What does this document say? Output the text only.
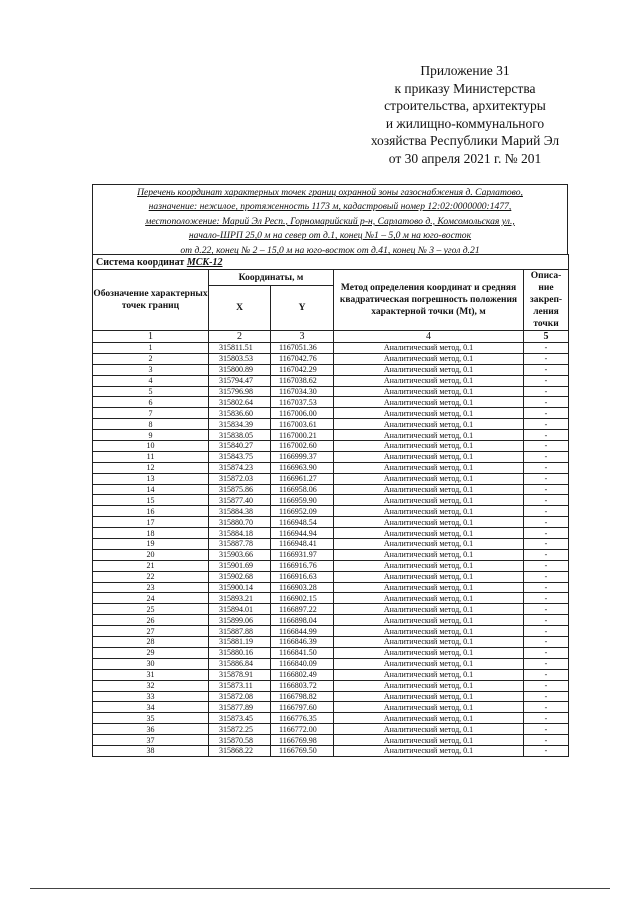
Приложение 31
к приказу Министерства
строительства, архитектуры
и жилищно-коммунального
хозяйства Республики Марий Эл
от 30 апреля 2021 г. № 201
Перечень координат характерных точек границ охранной зоны газоснабжения д. Сарлатово,
назначение: нежилое, протяженность 1173 м, кадастровый номер 12:02:0000000:1477,
местоположение: Марий Эл Респ., Горномарийский р-н, Сарлатово д., Комсомольская ул.,
начало-ШРП 25,0 м на север от д.1, конец №1 – 5,0 м на юго-восток
от д.22, конец № 2 – 15,0 м на юго-восток от д.41, конец № 3 – угол д.21
Система координат МСК-12				
Обозначение характерных точек границ	Координаты, м		Метод определения координат и средняя квадратическая погрешность положения характерной точки (Mt), м	Описа-ние закреп-ления точки
	X	Y		
1	2	3	4	5
1	315811.51	1167051.36	Аналитический метод, 0.1	-
2	315803.53	1167042.76	Аналитический метод, 0.1	-
3	315800.89	1167042.29	Аналитический метод, 0.1	-
4	315794.47	1167038.62	Аналитический метод, 0.1	-
5	315796.98	1167034.30	Аналитический метод, 0.1	-
6	315802.64	1167037.53	Аналитический метод, 0.1	-
7	315836.60	1167006.00	Аналитический метод, 0.1	-
8	315834.39	1167003.61	Аналитический метод, 0.1	-
9	315838.05	1167000.21	Аналитический метод, 0.1	-
10	315840.27	1167002.60	Аналитический метод, 0.1	-
11	315843.75	1166999.37	Аналитический метод, 0.1	-
12	315874.23	1166963.90	Аналитический метод, 0.1	-
13	315872.03	1166961.27	Аналитический метод, 0.1	-
14	315875.86	1166958.06	Аналитический метод, 0.1	-
15	315877.40	1166959.90	Аналитический метод, 0.1	-
16	315884.38	1166952.09	Аналитический метод, 0.1	-
17	315880.70	1166948.54	Аналитический метод, 0.1	-
18	315884.18	1166944.94	Аналитический метод, 0.1	-
19	315887.78	1166948.41	Аналитический метод, 0.1	-
20	315903.66	1166931.97	Аналитический метод, 0.1	-
21	315901.69	1166916.76	Аналитический метод, 0.1	-
22	315902.68	1166916.63	Аналитический метод, 0.1	-
23	315900.14	1166903.28	Аналитический метод, 0.1	-
24	315893.21	1166902.15	Аналитический метод, 0.1	-
25	315894.01	1166897.22	Аналитический метод, 0.1	-
26	315899.06	1166898.04	Аналитический метод, 0.1	-
27	315887.88	1166844.99	Аналитический метод, 0.1	-
28	315881.19	1166846.39	Аналитический метод, 0.1	-
29	315880.16	1166841.50	Аналитический метод, 0.1	-
30	315886.84	1166840.09	Аналитический метод, 0.1	-
31	315878.91	1166802.49	Аналитический метод, 0.1	-
32	315873.11	1166803.72	Аналитический метод, 0.1	-
33	315872.08	1166798.82	Аналитический метод, 0.1	-
34	315877.89	1166797.60	Аналитический метод, 0.1	-
35	315873.45	1166776.35	Аналитический метод, 0.1	-
36	315872.25	1166772.00	Аналитический метод, 0.1	-
37	315870.58	1166769.98	Аналитический метод, 0.1	-
38	315868.22	1166769.50	Аналитический метод, 0.1	-
